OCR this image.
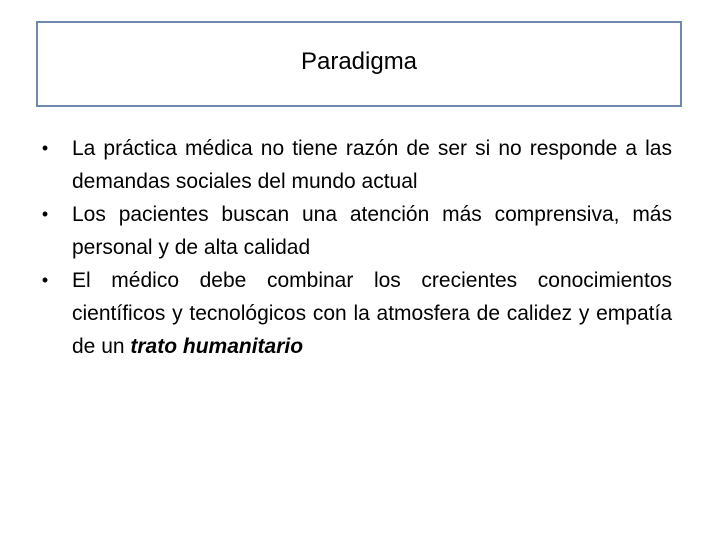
Paradigma
• La práctica médica no tiene razón de ser si no responde a las demandas sociales del mundo actual
• Los pacientes buscan una atención más comprensiva, más personal y de alta calidad
• El médico debe combinar los crecientes conocimientos científicos y tecnológicos con la atmosfera de calidez y empatía de un trato humanitario
